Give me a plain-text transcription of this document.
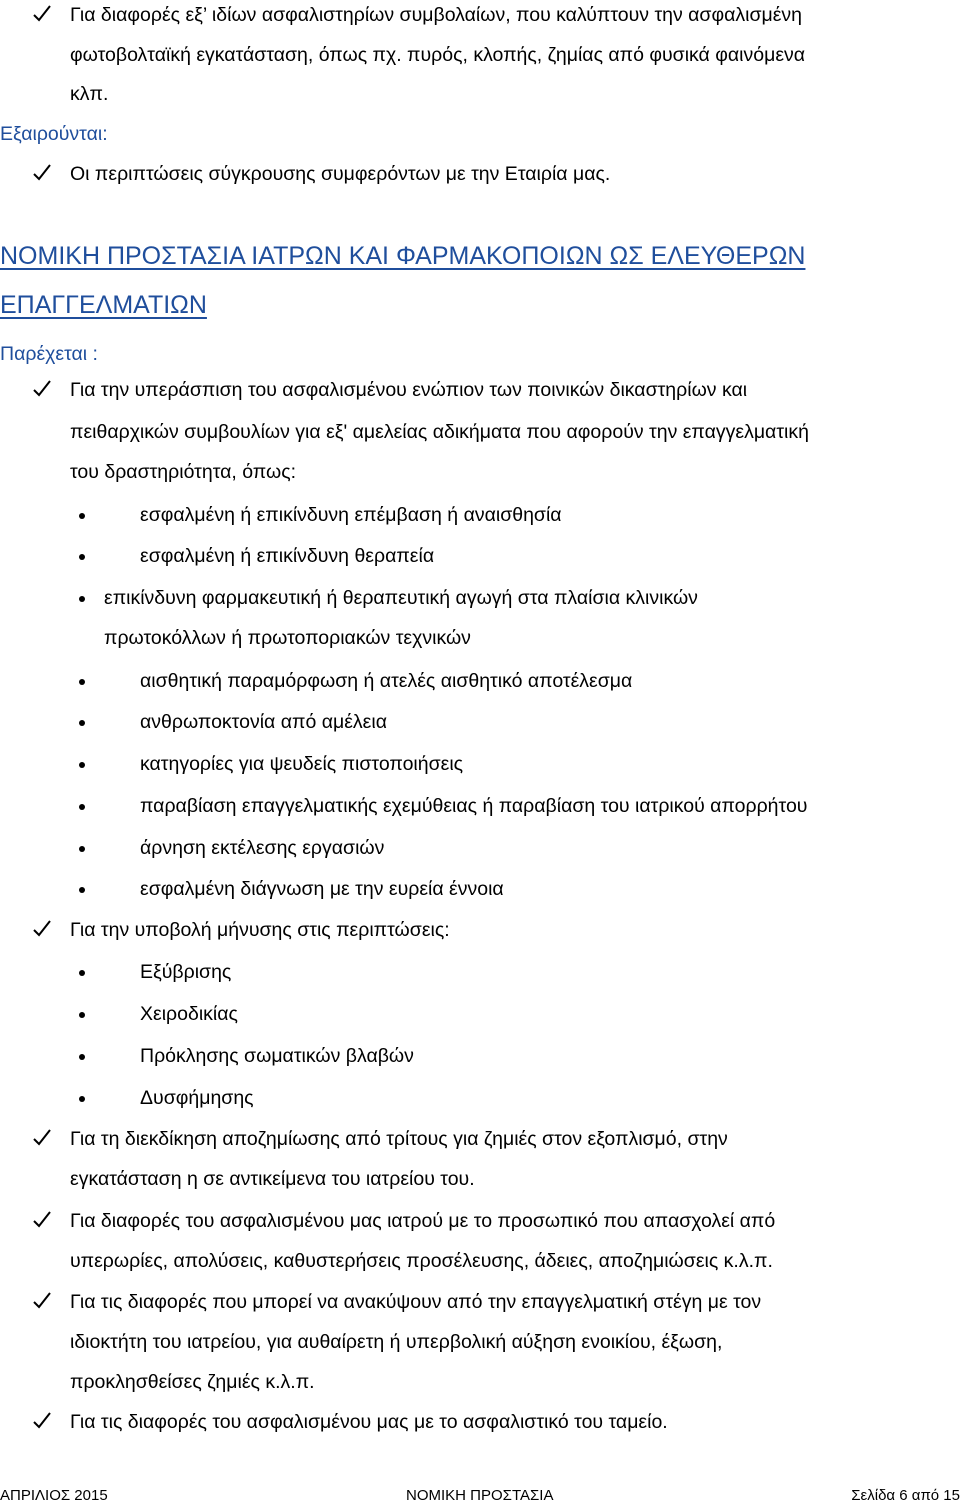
Για διαφορές εξ’ ιδίων ασφαλιστηρίων συμβολαίων, που καλύπτουν την ασφαλισμένη
φωτοβολταϊκή εγκατάσταση, όπως πχ. πυρός, κλοπής, ζημίας από φυσικά φαινόμενα
κλπ.
Εξαιρούνται:
Οι περιπτώσεις σύγκρουσης συμφερόντων με την Εταιρία μας.
ΝΟΜΙΚΗ ΠΡΟΣΤΑΣΙΑ ΙΑΤΡΩΝ ΚΑΙ ΦΑΡΜΑΚΟΠΟΙΩΝ ΩΣ ΕΛΕΥΘΕΡΩΝ
ΕΠΑΓΓΕΛΜΑΤΙΩΝ
Παρέχεται :
Για την υπεράσπιση του ασφαλισμένου ενώπιον των ποινικών δικαστηρίων και
πειθαρχικών συμβουλίων για εξ' αμελείας αδικήματα που αφορούν την επαγγελματική
του δραστηριότητα, όπως:
εσφαλμένη ή επικίνδυνη επέμβαση ή αναισθησία
εσφαλμένη ή επικίνδυνη θεραπεία
επικίνδυνη φαρμακευτική ή θεραπευτική αγωγή στα πλαίσια κλινικών
πρωτοκόλλων ή πρωτοποριακών τεχνικών
αισθητική παραμόρφωση ή ατελές αισθητικό αποτέλεσμα
ανθρωποκτονία από αμέλεια
κατηγορίες για ψευδείς πιστοποιήσεις
παραβίαση επαγγελματικής εχεμύθειας ή παραβίαση του ιατρικού απορρήτου
άρνηση εκτέλεσης εργασιών
εσφαλμένη διάγνωση με την ευρεία έννοια
Για την υποβολή μήνυσης στις περιπτώσεις:
Εξύβρισης
Χειροδικίας
Πρόκλησης σωματικών βλαβών
Δυσφήμησης
Για τη διεκδίκηση αποζημίωσης από τρίτους για ζημιές στον εξοπλισμό, στην
εγκατάσταση η σε αντικείμενα του ιατρείου του.
Για διαφορές του ασφαλισμένου μας ιατρού με το προσωπικό που απασχολεί από
υπερωρίες, απολύσεις, καθυστερήσεις προσέλευσης, άδειες, αποζημιώσεις κ.λ.π.
Για τις διαφορές που μπορεί να ανακύψουν από την επαγγελματική στέγη με τον
ιδιοκτήτη του ιατρείου, για αυθαίρετη ή υπερβολική αύξηση ενοικίου, έξωση,
προκλησθείσες ζημιές κ.λ.π.
Για τις διαφορές του ασφαλισμένου μας με το ασφαλιστικό του ταμείο.
ΑΠΡΙΛΙΟΣ 2015	ΝΟΜΙΚΗ ΠΡΟΣΤΑΣΙΑ	Σελίδα 6 από 15
